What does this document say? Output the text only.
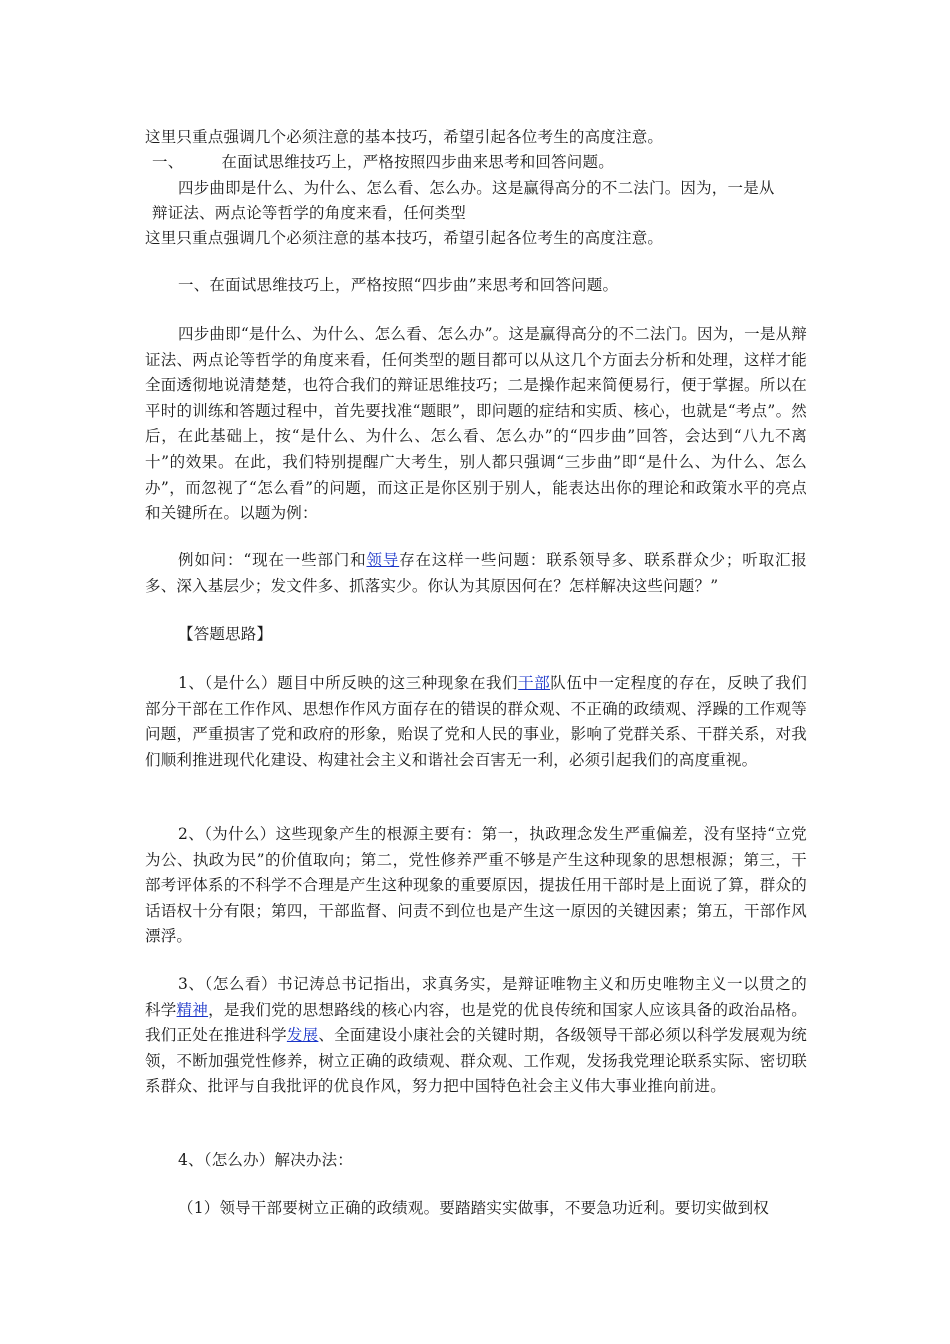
这里只重点强调几个必须注意的基本技巧，希望引起各位考生的高度注意。
一、 在面试思维技巧上，严格按照四步曲来思考和回答问题。
四步曲即是什么、为什么、怎么看、怎么办。这是赢得高分的不二法门。因为，一是从
辩证法、两点论等哲学的角度来看，任何类型
这里只重点强调几个必须注意的基本技巧，希望引起各位考生的高度注意。
一、在面试思维技巧上，严格按照“四步曲”来思考和回答问题。

四步曲即“是什么、为什么、怎么看、怎么办”。这是赢得高分的不二法门。因为，一是从辩证法、两点论等哲学的角度来看，任何类型的题目都可以从这几个方面去分析和处理，这样才能全面透彻地说清楚楚，也符合我们的辩证思维技巧；二是操作起来简便易行，便于掌握。所以在平时的训练和答题过程中，首先要找准“题眼”，即问题的症结和实质、核心，也就是“考点”。然后，在此基础上，按“是什么、为什么、怎么看、怎么办”的“四步曲”回答，会达到“八九不离十”的效果。在此，我们特别提醒广大考生，别人都只强调“三步曲”即“是什么、为什么、怎么办”，而忽视了“怎么看”的问题，而这正是你区别于别人，能表达出你的理论和政策水平的亮点和关键所在。以题为例：

例如问：“现在一些部门和领导存在这样一些问题：联系领导多、联系群众少；听取汇报多、深入基层少；发文件多、抓落实少。你认为其原因何在？怎样解决这些问题？”

【答题思路】

1、（是什么）题目中所反映的这三种现象在我们干部队伍中一定程度的存在，反映了我们部分干部在工作作风、思想作作风方面存在的错误的群众观、不正确的政绩观、浮躁的工作观等问题，严重损害了党和政府的形象，贻误了党和人民的事业，影响了党群关系、干群关系，对我们顺利推进现代化建设、构建社会主义和谐社会百害无一利，必须引起我们的高度重视。

2、（为什么）这些现象产生的根源主要有：第一，执政理念发生严重偏差，没有坚持“立党为公、执政为民”的价值取向；第二，党性修养严重不够是产生这种现象的思想根源；第三，干部考评体系的不科学不合理是产生这种现象的重要原因，提拔任用干部时是上面说了算，群众的话语权十分有限；第四，干部监督、问责不到位也是产生这一原因的关键因素；第五，干部作风漂浮。

3、（怎么看）书记涛总书记指出，求真务实，是辩证唯物主义和历史唯物主义一以贯之的科学精神，是我们党的思想路线的核心内容，也是党的优良传统和国家人应该具备的政治品格。我们正处在推进科学发展、全面建设小康社会的关键时期，各级领导干部必须以科学发展观为统领，不断加强党性修养，树立正确的政绩观、群众观、工作观，发扬我党理论联系实际、密切联系群众、批评与自我批评的优良作风，努力把中国特色社会主义伟大事业推向前进。

4、（怎么办）解决办法：
（1）领导干部要树立正确的政绩观。要踏踏实实做事，不要急功近利。要切实做到权
